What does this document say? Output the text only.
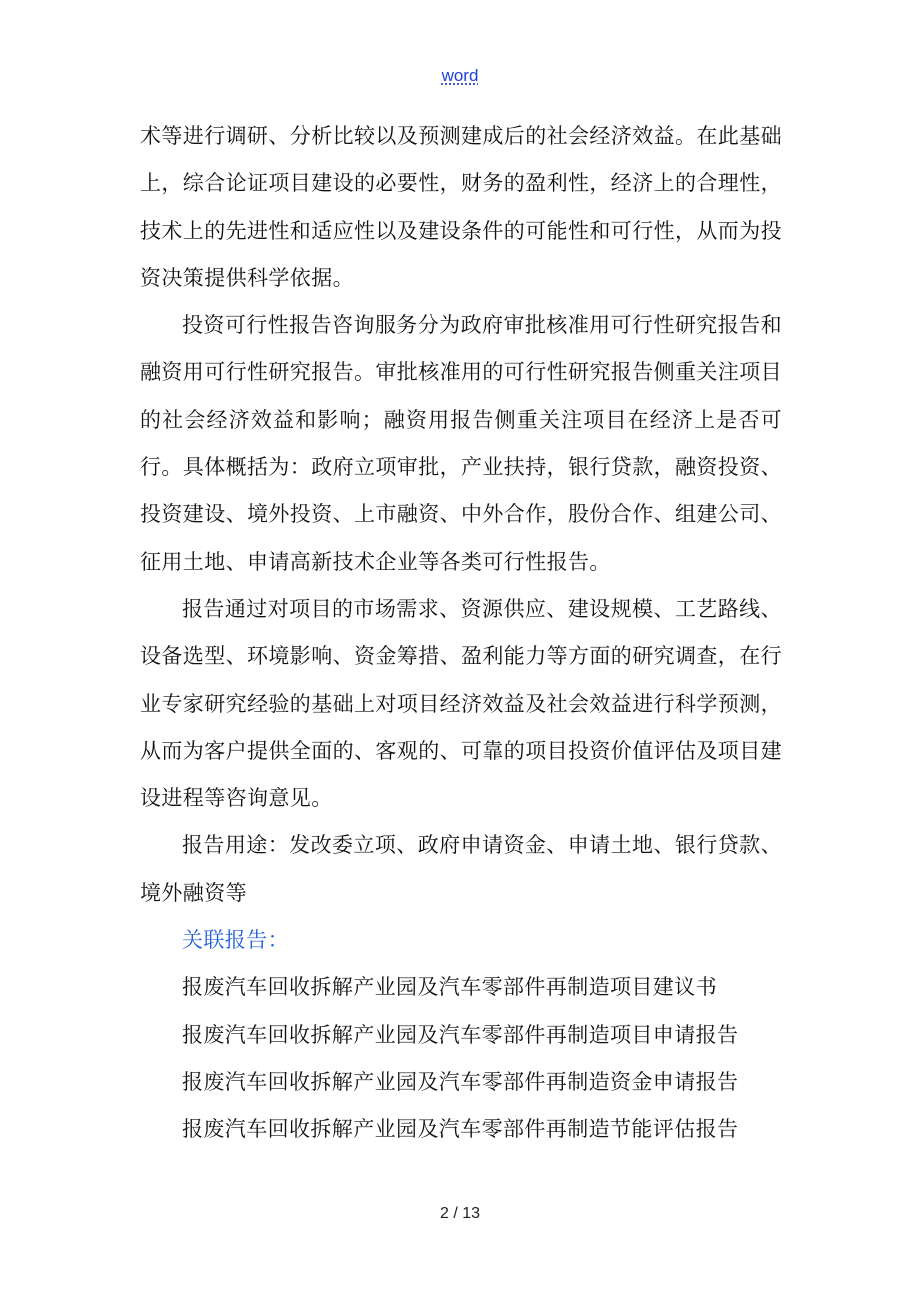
word

术等进行调研、分析比较以及预测建成后的社会经济效益。在此基础上，综合论证项目建设的必要性，财务的盈利性，经济上的合理性，技术上的先进性和适应性以及建设条件的可能性和可行性，从而为投资决策提供科学依据。

投资可行性报告咨询服务分为政府审批核准用可行性研究报告和融资用可行性研究报告。审批核准用的可行性研究报告侧重关注项目的社会经济效益和影响；融资用报告侧重关注项目在经济上是否可行。具体概括为：政府立项审批，产业扶持，银行贷款，融资投资、投资建设、境外投资、上市融资、中外合作，股份合作、组建公司、征用土地、申请高新技术企业等各类可行性报告。

报告通过对项目的市场需求、资源供应、建设规模、工艺路线、设备选型、环境影响、资金筹措、盈利能力等方面的研究调查，在行业专家研究经验的基础上对项目经济效益及社会效益进行科学预测，从而为客户提供全面的、客观的、可靠的项目投资价值评估及项目建设进程等咨询意见。

报告用途：发改委立项、政府申请资金、申请土地、银行贷款、境外融资等

关联报告：

报废汽车回收拆解产业园及汽车零部件再制造项目建议书

报废汽车回收拆解产业园及汽车零部件再制造项目申请报告

报废汽车回收拆解产业园及汽车零部件再制造资金申请报告

报废汽车回收拆解产业园及汽车零部件再制造节能评估报告

2 / 13
